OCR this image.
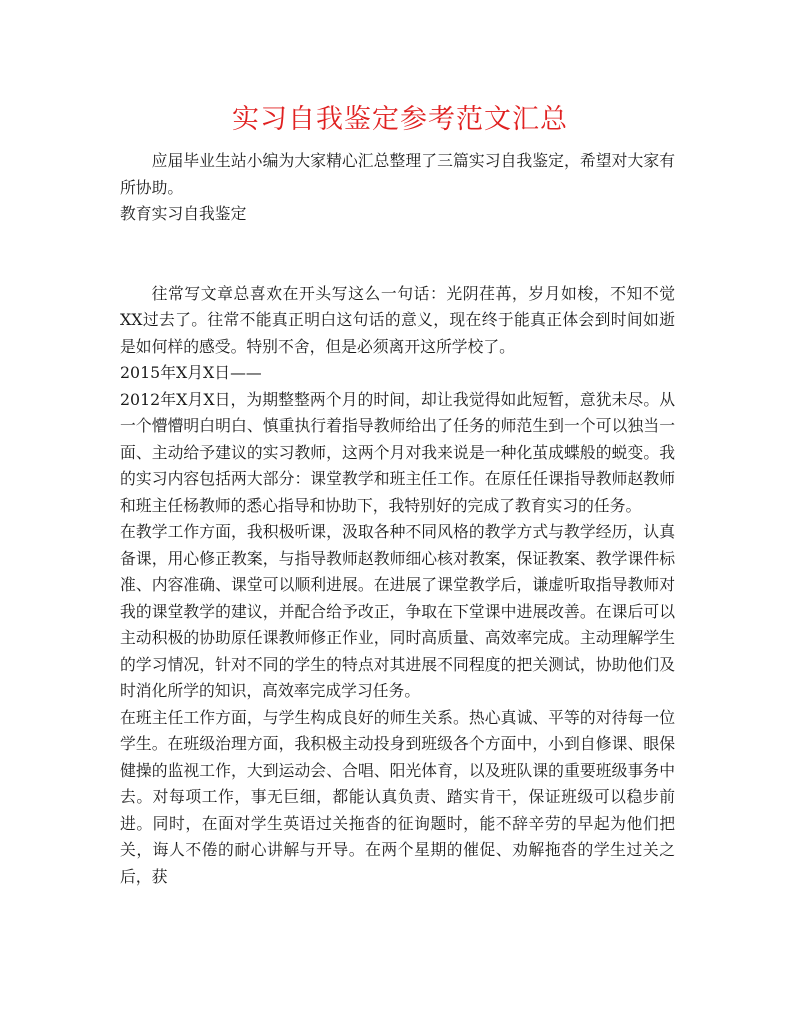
实习自我鉴定参考范文汇总

应届毕业生站小编为大家精心汇总整理了三篇实习自我鉴定，希望对大家有所协助。

教育实习自我鉴定

往常写文章总喜欢在开头写这么一句话：光阴荏苒，岁月如梭，不知不觉XX过去了。往常不能真正明白这句话的意义，现在终于能真正体会到时间如逝是如何样的感受。特别不舍，但是必须离开这所学校了。

2015年X月X日——

2012年X月X日，为期整整两个月的时间，却让我觉得如此短暂，意犹未尽。从一个懵懵明白明白、慎重执行着指导教师给出了任务的师范生到一个可以独当一面、主动给予建议的实习教师，这两个月对我来说是一种化茧成蝶般的蜕变。我的实习内容包括两大部分：课堂教学和班主任工作。在原任任课指导教师赵教师和班主任杨教师的悉心指导和协助下，我特别好的完成了教育实习的任务。

在教学工作方面，我积极听课，汲取各种不同风格的教学方式与教学经历，认真备课，用心修正教案，与指导教师赵教师细心核对教案，保证教案、教学课件标准、内容准确、课堂可以顺利进展。在进展了课堂教学后，谦虚听取指导教师对我的课堂教学的建议，并配合给予改正，争取在下堂课中进展改善。在课后可以主动积极的协助原任课教师修正作业，同时高质量、高效率完成。主动理解学生的学习情况，针对不同的学生的特点对其进展不同程度的把关测试，协助他们及时消化所学的知识，高效率完成学习任务。

在班主任工作方面，与学生构成良好的师生关系。热心真诚、平等的对待每一位学生。在班级治理方面，我积极主动投身到班级各个方面中，小到自修课、眼保健操的监视工作，大到运动会、合唱、阳光体育，以及班队课的重要班级事务中去。对每项工作，事无巨细，都能认真负责、踏实肯干，保证班级可以稳步前进。同时，在面对学生英语过关拖沓的征询题时，能不辞辛劳的早起为他们把关，诲人不倦的耐心讲解与开导。在两个星期的催促、劝解拖沓的学生过关之后，获
